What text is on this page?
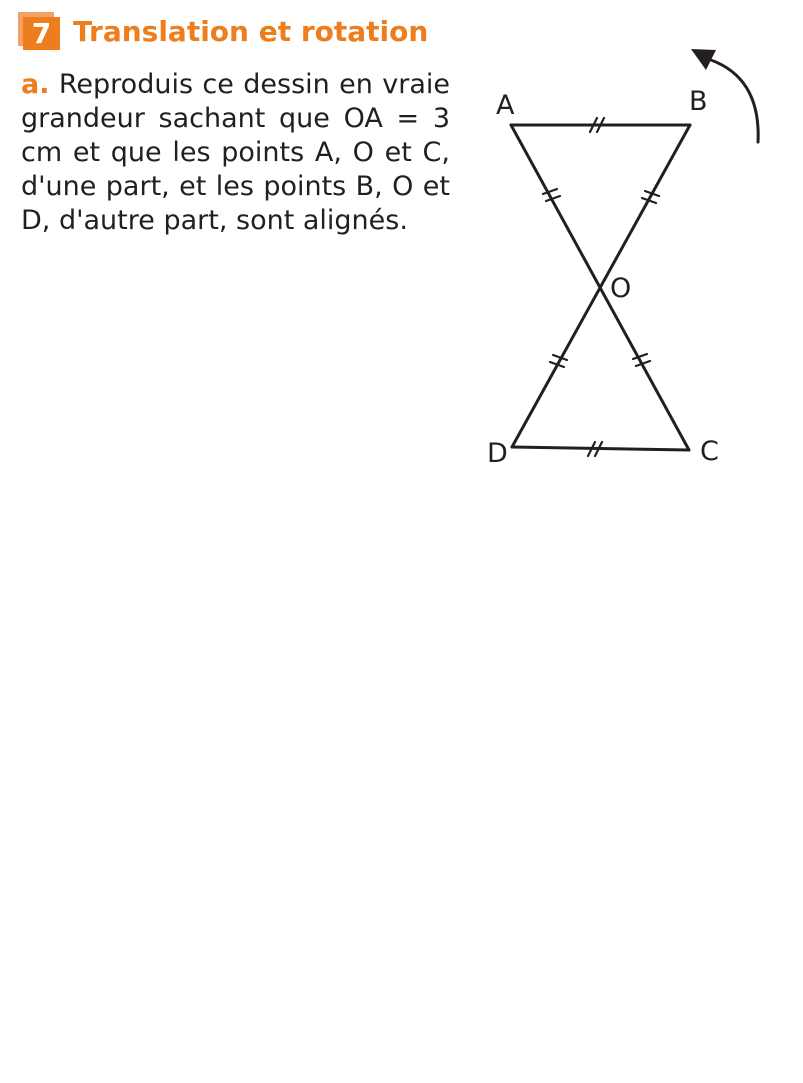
7 Translation et rotation
a. Reproduis ce dessin en vraie grandeur sachant que OA = 3 cm et que les points A, O et C, d'une part, et les points B, O et D, d'autre part, sont alignés.
A	B
O
D	C
